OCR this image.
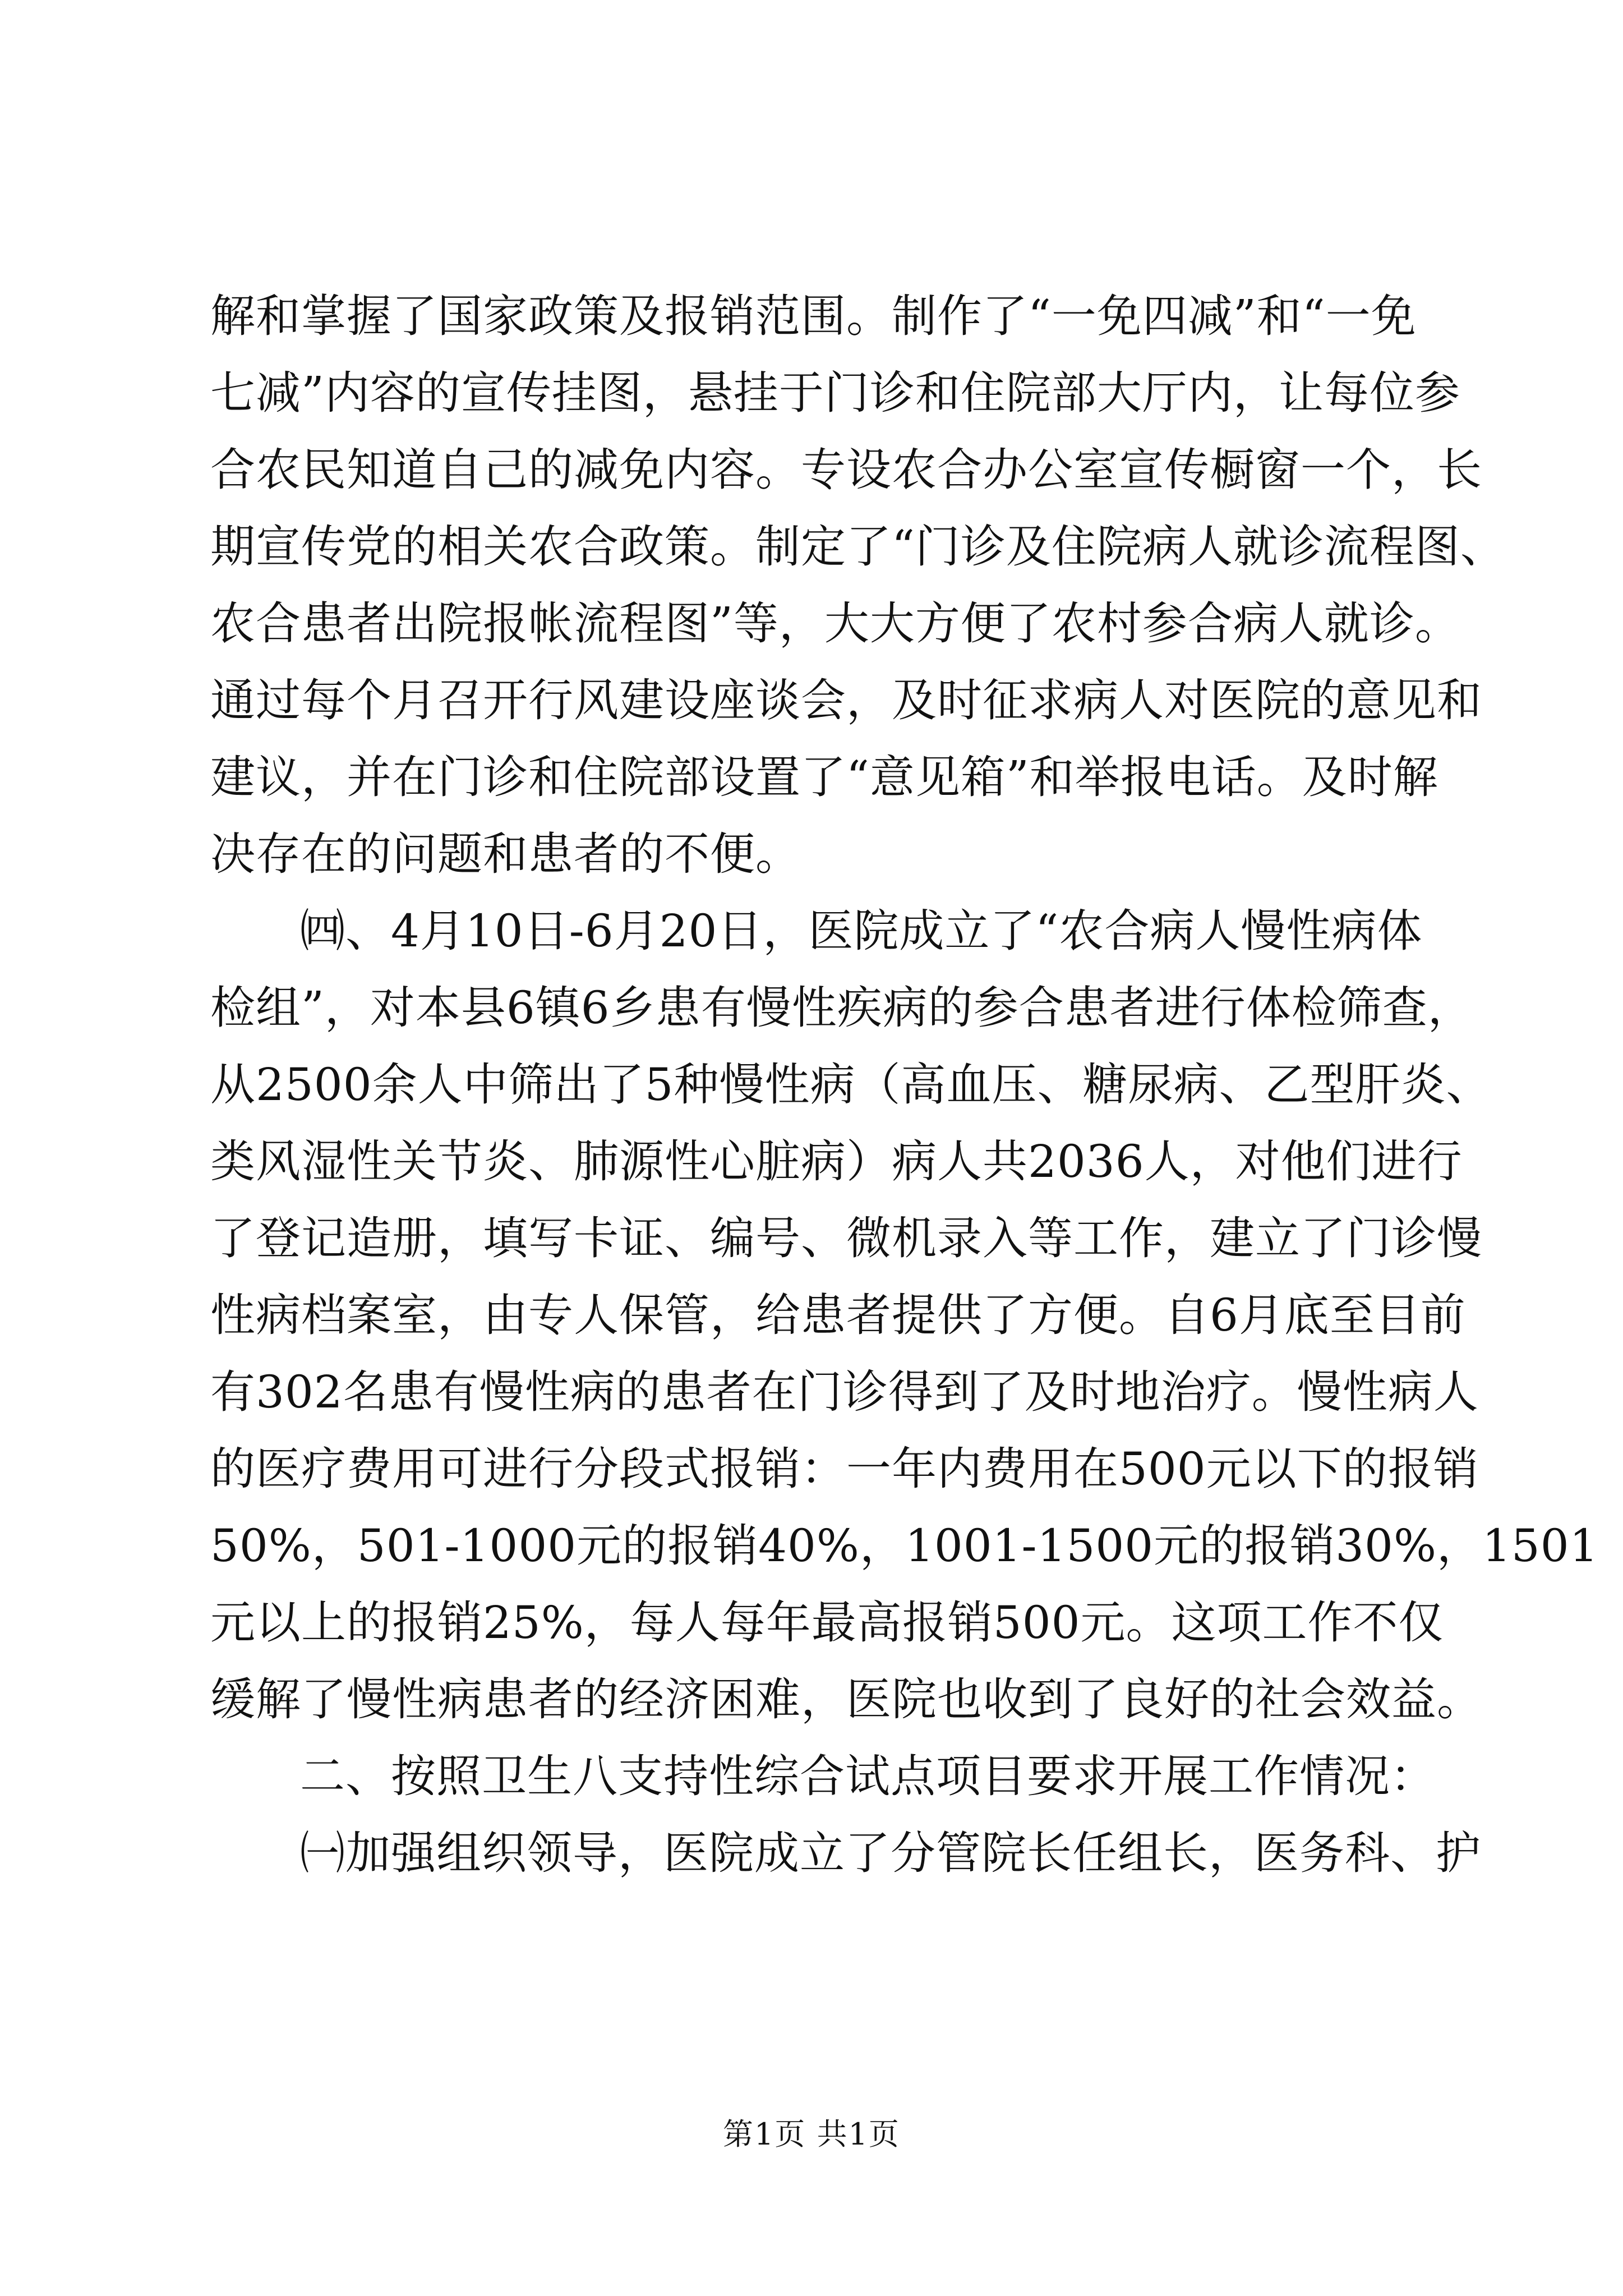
解和掌握了国家政策及报销范围。制作了“一免四减”和“一免
七减”内容的宣传挂图，悬挂于门诊和住院部大厅内，让每位参
合农民知道自己的减免内容。专设农合办公室宣传橱窗一个，长
期宣传党的相关农合政策。制定了“门诊及住院病人就诊流程图、
农合患者出院报帐流程图”等，大大方便了农村参合病人就诊。
通过每个月召开行风建设座谈会，及时征求病人对医院的意见和
建议，并在门诊和住院部设置了“意见箱”和举报电话。及时解
决存在的问题和患者的不便。
㈣、4月10日-6月20日，医院成立了“农合病人慢性病体
检组”，对本县6镇6乡患有慢性疾病的参合患者进行体检筛查，
从2500余人中筛出了5种慢性病（高血压、糖尿病、乙型肝炎、
类风湿性关节炎、肺源性心脏病）病人共2036人，对他们进行
了登记造册，填写卡证、编号、微机录入等工作，建立了门诊慢
性病档案室，由专人保管，给患者提供了方便。自6月底至目前
有302名患有慢性病的患者在门诊得到了及时地治疗。慢性病人
的医疗费用可进行分段式报销：一年内费用在500元以下的报销
50%，501-1000元的报销40%，1001-1500元的报销30%，1501
元以上的报销25%，每人每年最高报销500元。这项工作不仅
缓解了慢性病患者的经济困难，医院也收到了良好的社会效益。
二、按照卫生八支持性综合试点项目要求开展工作情况：
㈠加强组织领导，医院成立了分管院长任组长，医务科、护
第1页 共1页
